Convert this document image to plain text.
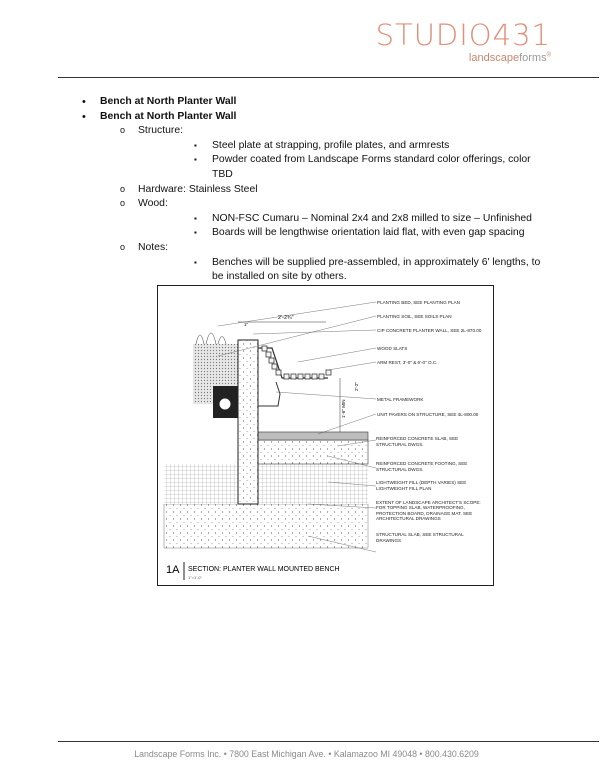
STUDIO431
landscapeforms®
• Bench at North Planter Wall
• Bench at North Planter Wall
o Structure:
▪ Steel plate at strapping, profile plates, and armrests
▪ Powder coated from Landscape Forms standard color offerings, color TBD
o Hardware: Stainless Steel
o Wood:
▪ NON-FSC Cumaru – Nominal 2x4 and 2x8 milled to size – Unfinished
▪ Boards will be lengthwise orientation laid flat, with even gap spacing
o Notes:
▪ Benches will be supplied pre-assembled, in approximately 6' lengths, to be installed on site by others.
2'-2¾"
1"
1'-6" MIN
2'-2"
PLANTING BED, SEE PLANTING PLAN
PLANTING SOIL, SEE SOILS PLAN
CIP CONCRETE PLANTER WALL, SEE 2L-870.00
WOOD SLATS
ARM REST, 3'-0" & 6'-0" O.C.
METAL FRAMEWORK
UNIT PAVERS ON STRUCTURE, SEE 4L-800.00
REINFORCED CONCRETE SLAB, SEE STRUCTURAL DWGS.
REINFORCED CONCRETE FOOTING, SEE STRUCTURAL DWGS.
LIGHTWEIGHT FILL (DEPTH VARIES) SEE LIGHTWEIGHT FILL PLAN
EXTENT OF LANDSCAPE ARCHITECT'S SCOPE: FOR TOPPING SLAB, WATERPROOFING, PROTECTION BOARD, DRAINAGE MAT, SEE ARCHITECTURAL DRAWINGS
STRUCTURAL SLAB, SEE STRUCTURAL DRAWINGS
1A SECTION: PLANTER WALL MOUNTED BENCH
1"=1'-0"
Landscape Forms Inc. • 7800 East Michigan Ave. • Kalamazoo MI 49048 • 800.430.6209
